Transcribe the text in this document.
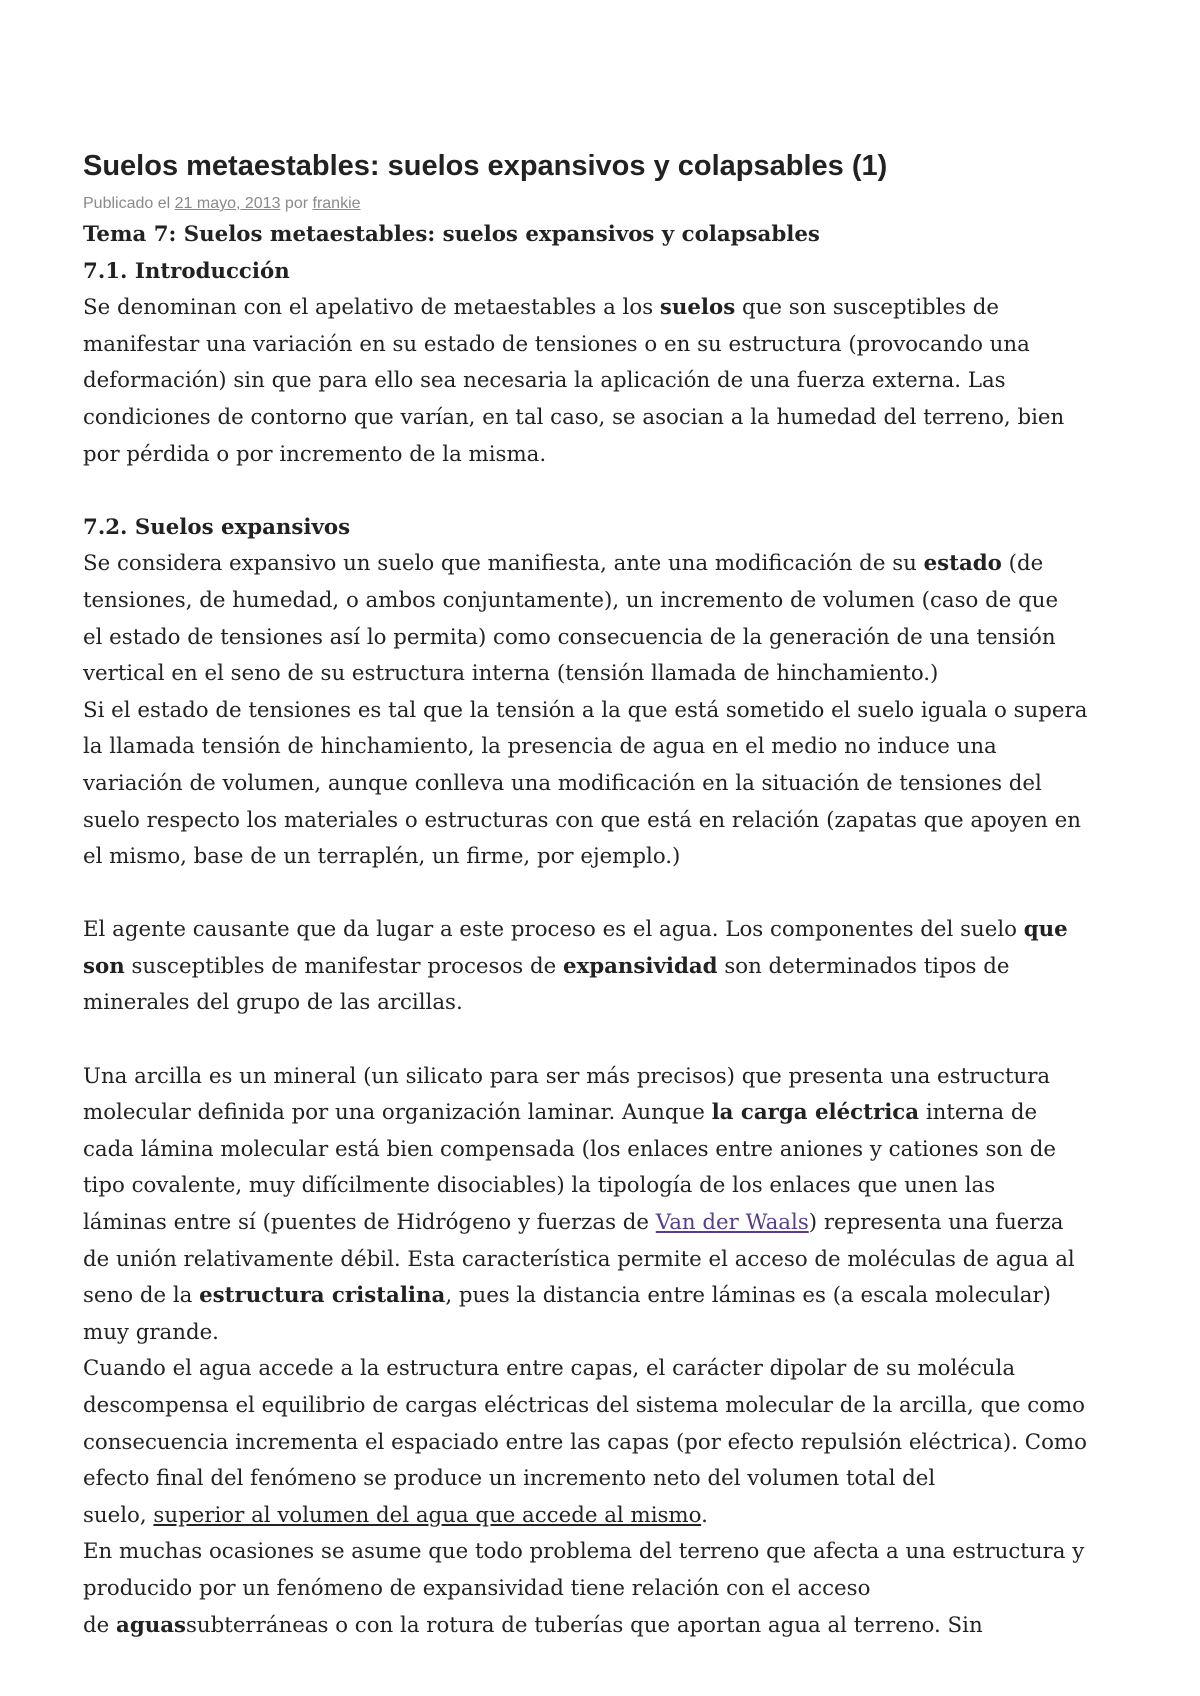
Suelos metaestables: suelos expansivos y colapsables (1)
Publicado el 21 mayo, 2013 por frankie
Tema 7: Suelos metaestables: suelos expansivos y colapsables
7.1. Introducción

Se denominan con el apelativo de metaestables a los suelos que son susceptibles de

manifestar una variación en su estado de tensiones o en su estructura (provocando una

deformación) sin que para ello sea necesaria la aplicación de una fuerza externa. Las

condiciones de contorno que varían, en tal caso, se asocian a la humedad del terreno, bien

por pérdida o por incremento de la misma.

7.2. Suelos expansivos

Se considera expansivo un suelo que manifiesta, ante una modificación de su estado (de

tensiones, de humedad, o ambos conjuntamente), un incremento de volumen (caso de que

el estado de tensiones así lo permita) como consecuencia de la generación de una tensión

vertical en el seno de su estructura interna (tensión llamada de hinchamiento.)

Si el estado de tensiones es tal que la tensión a la que está sometido el suelo iguala o supera

la llamada tensión de hinchamiento, la presencia de agua en el medio no induce una

variación de volumen, aunque conlleva una modificación en la situación de tensiones del

suelo respecto los materiales o estructuras con que está en relación (zapatas que apoyen en

el mismo, base de un terraplén, un firme, por ejemplo.)

El agente causante que da lugar a este proceso es el agua. Los componentes del suelo que

son susceptibles de manifestar procesos de expansividad son determinados tipos de

minerales del grupo de las arcillas.

Una arcilla es un mineral (un silicato para ser más precisos) que presenta una estructura

molecular definida por una organización laminar. Aunque la carga eléctrica interna de

cada lámina molecular está bien compensada (los enlaces entre aniones y cationes son de

tipo covalente, muy difícilmente disociables) la tipología de los enlaces que unen las

láminas entre sí (puentes de Hidrógeno y fuerzas de Van der Waals) representa una fuerza

de unión relativamente débil. Esta característica permite el acceso de moléculas de agua al

seno de la estructura cristalina, pues la distancia entre láminas es (a escala molecular)

muy grande.

Cuando el agua accede a la estructura entre capas, el carácter dipolar de su molécula

descompensa el equilibrio de cargas eléctricas del sistema molecular de la arcilla, que como

consecuencia incrementa el espaciado entre las capas (por efecto repulsión eléctrica). Como

efecto final del fenómeno se produce un incremento neto del volumen total del

suelo, superior al volumen del agua que accede al mismo.

En muchas ocasiones se asume que todo problema del terreno que afecta a una estructura y

producido por un fenómeno de expansividad tiene relación con el acceso

de aguassubterráneas o con la rotura de tuberías que aportan agua al terreno. Sin
